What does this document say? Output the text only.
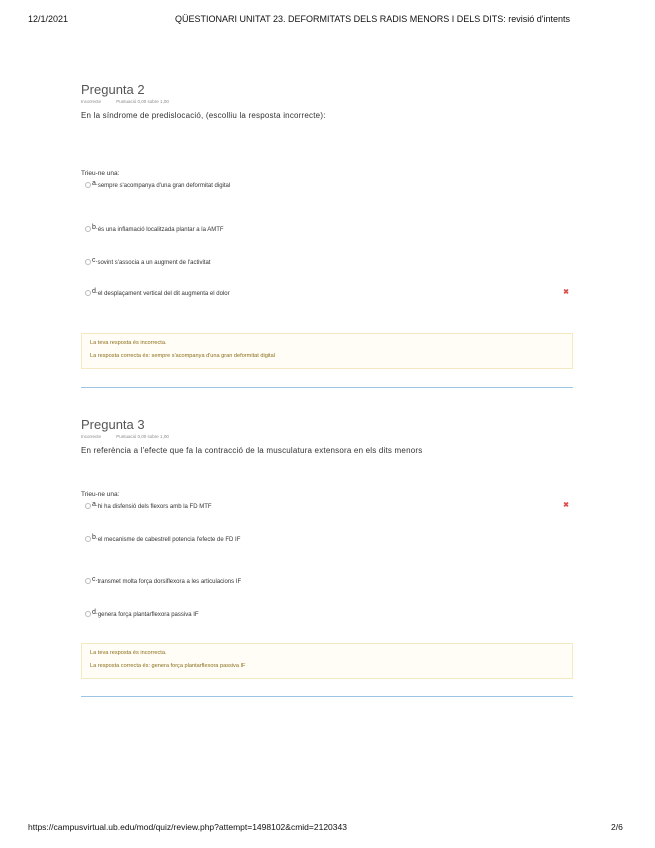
12/1/2021	QÜESTIONARI UNITAT 23. DEFORMITATS DELS RADIS MENORS I DELS DITS: revisió d'intents
Pregunta 2
Incorrecte	Puntuació 0,00 sobre 1,00
En la síndrome de predislocació, (escolliu la resposta incorrecte):
Trieu-ne una:
a.sempre s'acompanya d'una gran deformitat digital
b.és una inflamació localitzada plantar a la AMTF
c.sovint s'associa a un augment de l'activitat
d.el desplaçament vertical del dit augmenta el dolor	✖

La teva resposta és incorrecta.

La resposta correcta és: sempre s'acompanya d'una gran deformitat digital

Pregunta 3
Incorrecte	Puntuació 0,00 sobre 1,00
En referència a l'efecte que fa la contracció de la musculatura extensora en els dits menors
Trieu-ne una:
a.hi ha disfensió dels flexors amb la FD MTF
b.el mecanisme de cabestrell potencia l'efecte de FD IF
c.transmet molta força dorsiflexora a les articulacions IF
d.genera força plantarflexora passiva IF
✖

La teva resposta és incorrecta.

La resposta correcta és: genera força plantarflexora passiva IF

https://campusvirtual.ub.edu/mod/quiz/review.php?attempt=1498102&cmid=2120343	2/6
